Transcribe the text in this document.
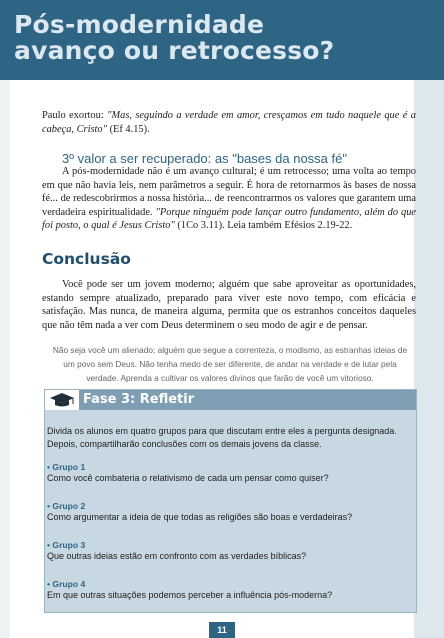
Pós-modernidade
avanço ou retrocesso?
Paulo exortou: "Mas, seguindo a verdade em amor, cresçamos em tudo naquele que é a cabeça, Cristo" (Ef 4.15).
3º valor a ser recuperado: as "bases da nossa fé"
A pós-modernidade não é um avanço cultural; é um retrocesso; uma volta ao tempo em que não havia leis, nem parâmetros a seguir. É hora de retornarmos às bases de nossa fé... de redescobrirmos a nossa história... de reencontrarmos os valores que garantem uma verdadeira espiritualidade. "Porque ninguém pode lançar outro fundamento, além do que foi posto, o qual é Jesus Cristo" (1Co 3.11). Leia também Efésios 2.19-22.
Conclusão
Você pode ser um jovem moderno; alguém que sabe aproveitar as oportunidades, estando sempre atualizado, preparado para viver este novo tempo, com eficácia e satisfação. Mas nunca, de maneira alguma, permita que os estranhos conceitos daqueles que não têm nada a ver com Deus determinem o seu modo de agir e de pensar.
Não seja você um alienado; alguém que segue a correnteza, o modismo, as estranhas ideias de um povo sem Deus. Não tenha medo de ser diferente, de andar na verdade e de lutar pela verdade. Aprenda a cultivar os valores divinos que farão de você um vitorioso.
Fase 3: Refletir
Divida os alunos em quatro grupos para que discutam entre eles a pergunta designada. Depois, compartilharão conclusões com os demais jovens da classe.
• Grupo 1
Como você combateria o relativismo de cada um pensar como quiser?
• Grupo 2
Como argumentar a ideia de que todas as religiões são boas e verdadeiras?
• Grupo 3
Que outras ideias estão em confronto com as verdades bíblicas?
• Grupo 4
Em que outras situações podemos perceber a influência pós-moderna?
11
